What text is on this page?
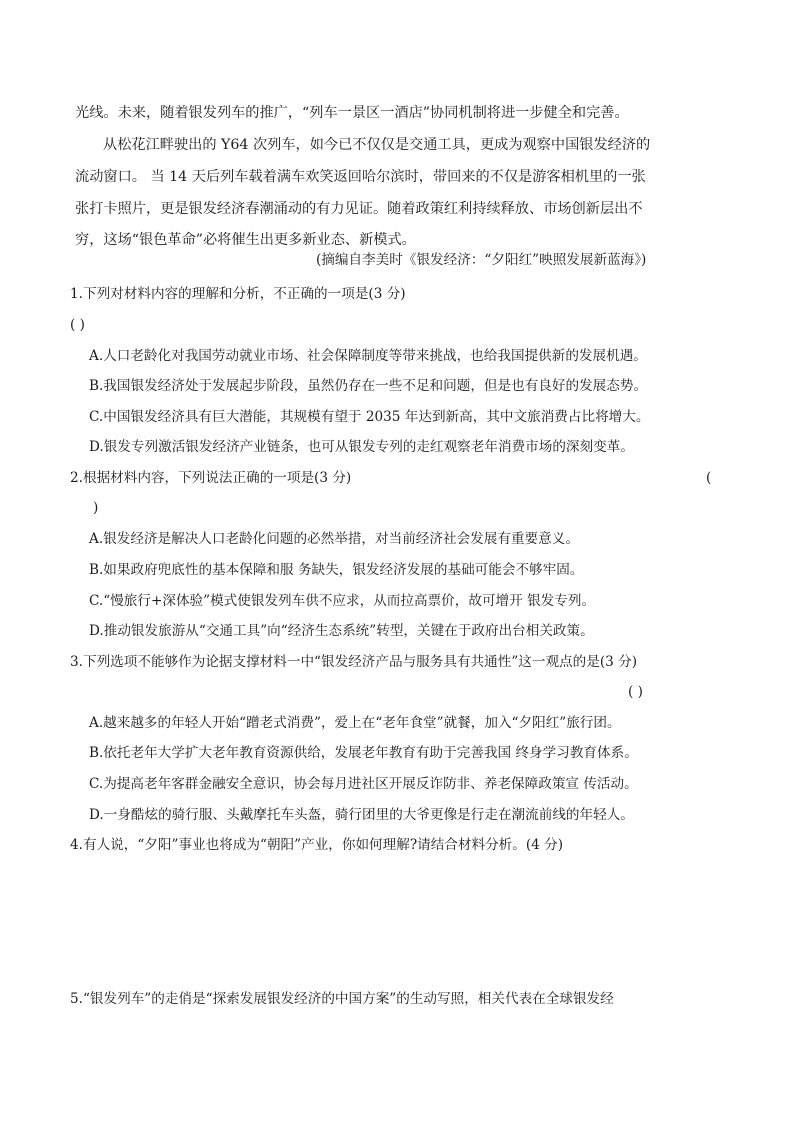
光线。未来，随着银发列车的推广，“列车一景区一酒店”协同机制将进一步健全和完善。
从松花江畔驶出的 Y64 次列车，如今已不仅仅是交通工具，更成为观察中国银发经济的
流动窗口。 当 14 天后列车载着满车欢笑返回哈尔滨时，带回来的不仅是游客相机里的一张
张打卡照片，更是银发经济春潮涌动的有力见证。随着政策红利持续释放、市场创新层出不
穷，这场“银色革命”必将催生出更多新业态、新模式。
(摘编自李美时《银发经济：“夕阳红”映照发展新蓝海》)
1.下列对材料内容的理解和分析，不正确的一项是(3 分)
( )
A.人口老龄化对我国劳动就业市场、社会保障制度等带来挑战，也给我国提供新的发展机遇。
B.我国银发经济处于发展起步阶段，虽然仍存在一些不足和问题，但是也有良好的发展态势。
C.中国银发经济具有巨大潜能，其规模有望于 2035 年达到新高，其中文旅消费占比将增大。
D.银发专列激活银发经济产业链条，也可从银发专列的走红观察老年消费市场的深刻变革。
2.根据材料内容，下列说法正确的一项是(3 分)	(
)
A.银发经济是解决人口老龄化问题的必然举措，对当前经济社会发展有重要意义。
B.如果政府兜底性的基本保障和服 务缺失，银发经济发展的基础可能会不够牢固。
C.“慢旅行+深体验”模式使银发列车供不应求，从而拉高票价，故可增开 银发专列。
D.推动银发旅游从“交通工具”向“经济生态系统”转型，关键在于政府出台相关政策。
3.下列选项不能够作为论据支撑材料一中“银发经济产品与服务具有共通性”这一观点的是(3 分)
( )
A.越来越多的年轻人开始“蹭老式消费”，爱上在“老年食堂”就餐，加入“夕阳红”旅行团。
B.依托老年大学扩大老年教育资源供给，发展老年教育有助于完善我国 终身学习教育体系。
C.为提高老年客群金融安全意识，协会每月进社区开展反诈防非、养老保障政策宣 传活动。
D.一身酷炫的骑行服、头戴摩托车头盔，骑行团里的大爷更像是行走在潮流前线的年轻人。
4.有人说，“夕阳”事业也将成为“朝阳”产业，你如何理解?请结合材料分析。(4 分)
5.“银发列车”的走俏是“探索发展银发经济的中国方案”的生动写照，相关代表在全球银发经
